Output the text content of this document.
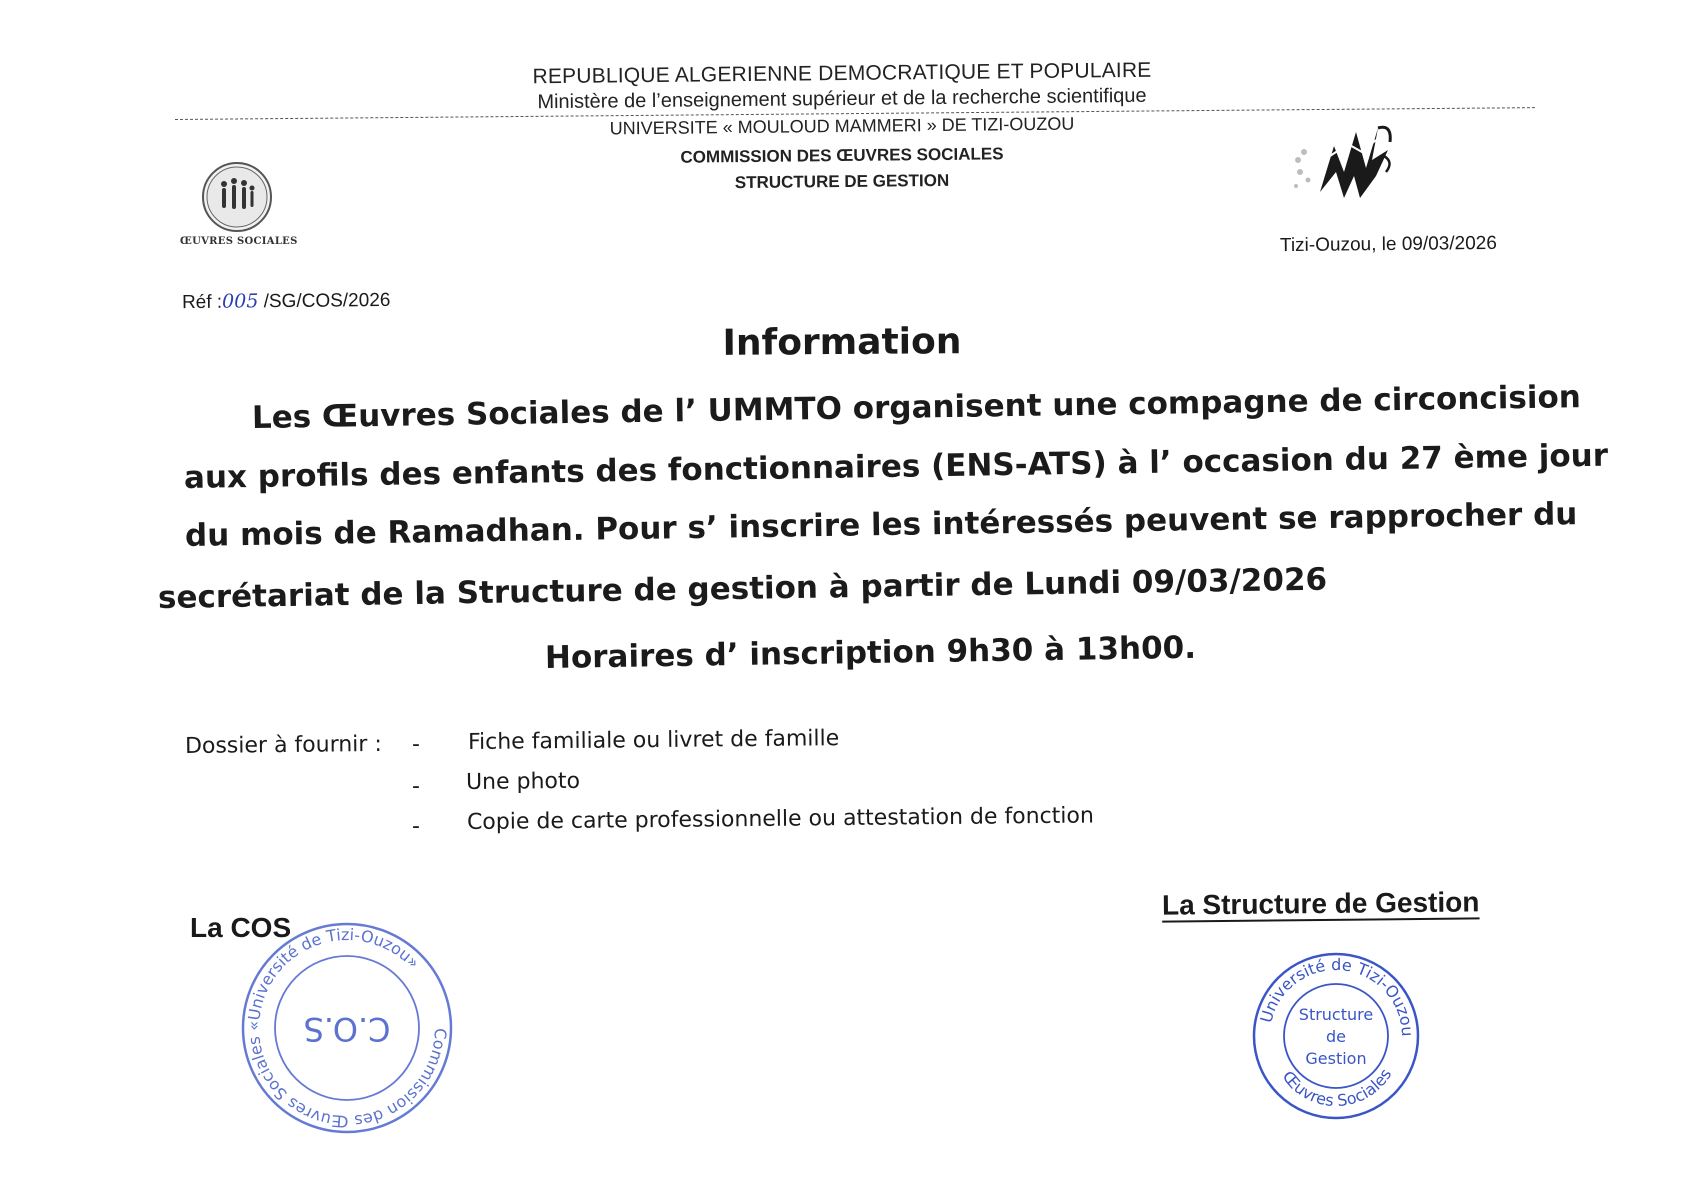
REPUBLIQUE ALGERIENNE DEMOCRATIQUE ET POPULAIRE
Ministère de l’enseignement supérieur et de la recherche scientifique
UNIVERSITE « MOULOUD MAMMERI » DE TIZI-OUZOU
COMMISSION DES ŒUVRES SOCIALES
STRUCTURE DE GESTION
ŒUVRES SOCIALES	Tizi-Ouzou, le 09/03/2026
Réf :005 /SG/COS/2026
Information
Les Œuvres Sociales de l’ UMMTO organisent une compagne de circoncision
aux profils des enfants des fonctionnaires (ENS-ATS) à l’ occasion du 27 ème jour
du mois de Ramadhan. Pour s’ inscrire les intéressés peuvent se rapprocher du
secrétariat de la Structure de gestion à partir de Lundi 09/03/2026
Horaires d’ inscription 9h30 à 13h00.
Dossier à fournir : -
-
-
Fiche familiale ou livret de famille
Une photo
Copie de carte professionnelle ou attestation de fonction
La COS
La Structure de Gestion
Commission des Œuvres Sociales «Université de Tizi-Ouzou»
C.O.S	Université de Tizi-Ouzou
Œuvres Sociales
Structure
de
Gestion
